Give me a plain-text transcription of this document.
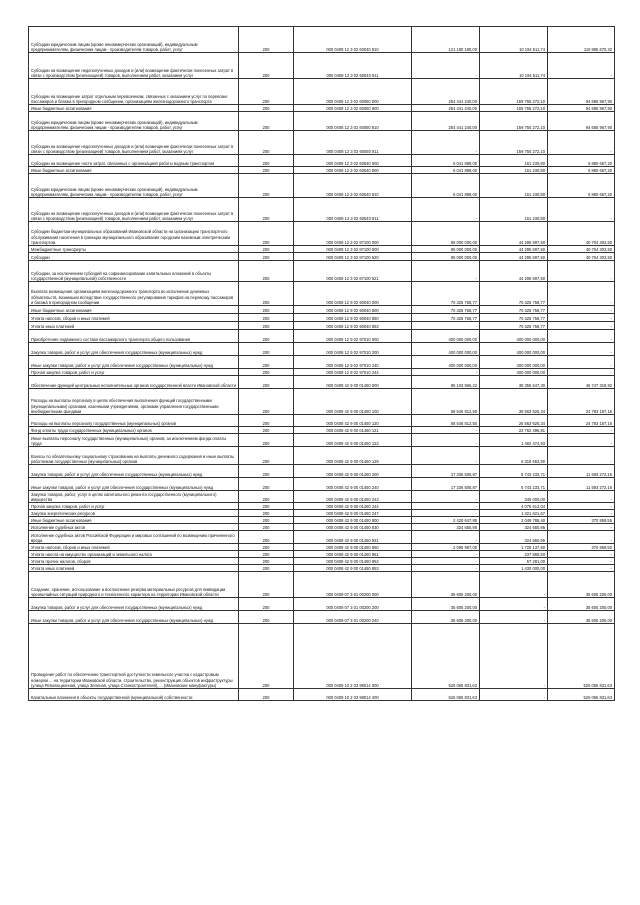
Субсидии юридическим лицам (кроме некоммерческих организаций), индивидуальным предпринимателям, физическим лицам - производителям товаров, работ, услуг	200	000 0408 12 3 02 60040 810	121 180 180,00	10 194 511,74	110 985 670,32
Субсидии на возмещение недополученных доходов и (или) возмещение фактически понесенных затрат в связи с производством (реализацией) товаров, выполнением работ, оказанием услуг	200	000 0408 12 3 02 60040 811	-	10 194 511,74	-
Субсидии на возмещение затрат отдельным перевозчикам, связанных с оказанием услуг по перевозке пассажиров и багажа в пригородном сообщении, организациям железнодорожного транспорта	200	000 0408 12 3 02 60050 000	254 441 240,00	159 755 272,10	94 685 967,90
Иные бюджетные ассигнования	200	000 0408 12 3 02 60050 800	254 441 240,00	159 755 272,10	94 685 967,90
Субсидии юридическим лицам (кроме некоммерческих организаций), индивидуальным предпринимателям, физическим лицам - производителям товаров, работ, услуг	200	000 0408 12 3 02 60050 810	254 441 240,00	159 755 272,10	94 685 967,90
Субсидии на возмещение недополученных доходов и (или) возмещение фактически понесенных затрат в связи с производством (реализацией) товаров, выполнением работ, оказанием услуг	200	000 0408 12 3 02 60050 811	-	159 755 272,10	-
Субсидии на возмещение части затрат, связанных с организацией работы водным транспортом	200	000 0408 12 3 02 60540 000	6 041 888,00	161 230,80	5 880 657,20
Иные бюджетные ассигнования	200	000 0408 12 3 02 60540 800	6 041 888,00	161 230,80	5 880 657,20
Субсидии юридическим лицам (кроме некоммерческих организаций), индивидуальным предпринимателям, физическим лицам - производителям товаров, работ, услуг	200	000 0408 12 3 02 60540 810	6 041 888,00	161 230,80	5 880 657,20
Субсидии на возмещение недополученных доходов и (или) возмещение фактически понесенных затрат в связи с производством (реализацией) товаров, выполнением работ, оказанием услуг	200	000 0408 12 3 02 60540 811	-	161 230,80	-
Субсидии бюджетам муниципальных образований Ивановской области на организацию транспортного обслуживания населения в границах муниципального образования городским наземным электрическим транспортом	200	000 0408 12 3 02 87100 000	85 000 000,00	44 295 697,50	40 704 302,50
Межбюджетные трансферты	200	000 0408 12 3 02 87100 500	85 000 000,00	44 295 697,50	40 704 302,50
Субсидии	200	000 0408 12 3 02 87100 520	85 000 000,00	44 295 697,50	40 704 302,50
Субсидии, за исключением субсидий на софинансирование капитальных вложений в объекты государственной (муниципальной) собственности	200	000 0408 12 3 02 87100 521	-	44 295 697,50	-
Выплата возмещения организациям железнодорожного транспорта во исполнение денежных обязательств, возникших вследствие государственного регулирования тарифов на перевозку пассажиров и багажа в пригородном сообщении	200	000 0408 12 9 02 90040 000	70 325 758,77	70 325 758,77	-
Иные бюджетные ассигнования	200	000 0408 12 9 02 90040 800	70 325 758,77	70 325 758,77	-
Уплата налогов, сборов и иных платежей	200	000 0408 12 9 02 90040 850	70 325 758,77	70 325 758,77	-
Уплата иных платежей	200	000 0408 12 9 02 90040 853	-	70 325 758,77	-
Приобретение подвижного состава пассажирского транспорта общего пользования	200	000 0408 12 9 02 97010 000	400 000 000,00	400 000 000,00	-
Закупка товаров, работ и услуг для обеспечения государственных (муниципальных) нужд	200	000 0408 12 9 02 97010 200	400 000 000,00	400 000 000,00	-
Иные закупки товаров, работ и услуг для обеспечения государственных (муниципальных) нужд	200	000 0408 12 9 02 97010 240	400 000 000,00	400 000 000,00	-
Прочая закупка товаров, работ и услуг	200	000 0408 12 9 02 97010 244	-	400 000 000,00	-
Обеспечение функций центральных исполнительных органов государственной власти Ивановской области	200	000 0408 42 9 00 01450 000	85 103 966,22	38 356 647,30	46 747 318,92
Расходы на выплаты персоналу в целях обеспечения выполнения функций государственными (муниципальными) органами, казенными учреждениями, органами управления государственными внебюджетными фондами	200	000 0408 42 9 00 01450 100	58 546 812,50	35 563 625,34	24 783 187,16
Расходы на выплаты персоналу государственных (муниципальных) органов	200	000 0408 42 9 00 01450 120	58 546 812,50	26 563 625,34	24 783 187,16
Фонд оплаты труда государственных (муниципальных) органов	200	000 0408 42 9 00 01450 121	-	22 762 496,81	-
Иные выплаты персоналу государственных (муниципальных) органов, за исключением фонда оплаты труда	200	000 0408 42 9 00 01450 122	-	1 482 474,83	-
Взносы по обязательному социальному страхованию на выплаты денежного содержания и иные выплаты работникам государственных (муниципальных) органов	200	000 0408 42 9 00 01450 129	-	6 318 653,90	-
Закупка товаров, работ и услуг для обеспечения государственных (муниципальных) нужд	200	000 0408 42 9 00 01450 200	17 336 505,87	5 743 233,71	11 593 272,16
Иные закупки товаров, работ и услуг для обеспечения государственных (муниципальных) нужд	200	000 0408 42 9 00 01450 240	17 336 505,87	5 743 233,71	11 593 272,16
Закупка товаров, работ, услуг в целях капитального ремонта государственного (муниципального) имущества	200	000 0408 42 9 00 01450 243	-	345 000,00	-
Прочая закупка товаров, работ и услуг	200	000 0408 42 9 00 01450 244	-	4 076 612,04	-
Закупка энергетических ресурсов	200	000 0408 42 9 00 01450 247	-	1 321 621,67	-
Иные бюджетные ассигнования	200	000 0408 42 9 00 01450 800	2 420 647,85	2 049 788,40	370 859,55
Исполнение судебных актов	200	000 0408 42 9 00 01450 830	324 650,95	324 650,95	-
Исполнение судебных актов Российской Федерации и мировых соглашений по возмещению причиненного вреда	200	000 0408 42 9 00 01450 831	-	324 650,95	-
Уплата налогов, сборов и иных платежей	200	000 0408 42 9 00 01450 850	2 095 997,00	1 725 137,50	370 859,50
Уплата налога на имущество организаций и земельного налога	200	000 0408 42 9 00 01450 851	-	237 868,50	-
Уплата прочих налогов, сборов	200	000 0408 42 9 00 01450 852	-	57 281,00	-
Уплата иных платежей	200	000 0408 42 9 00 01450 853	-	1 430 000,00	-
Создание, хранение, использование и восполнение резерва материальных ресурсов для ликвидации чрезвычайных ситуаций природного и техногенного характера на территории Ивановской области	200	000 0409 07 3 01 00200 000	35 605 200,00	-	35 605 200,00
Закупка товаров, работ и услуг для обеспечения государственных (муниципальных) нужд	200	000 0409 07 3 01 00200 200	35 605 200,00	-	35 605 200,00
Иные закупки товаров, работ и услуг для обеспечения государственных (муниципальных) нужд	200	000 0409 07 3 01 00200 240	35 605 200,00	-	35 605 200,00
Проведение работ по обеспечению транспортной доступности земельного участка с кадастровым номером ... на территории Ивановской области, строительство, реконструкция объектов инфраструктуры (улица Революционная, улица Зеленая, улица Станкостроителей), ... (Ивановские мануфактуры)	200	000 0409 10 2 03 98014 000	526 065 831,63	-	526 065 831,63
Капитальные вложения в объекты государственной (муниципальной) собственности	200	000 0409 10 2 03 98014 400	526 065 831,63	-	526 065 831,63
